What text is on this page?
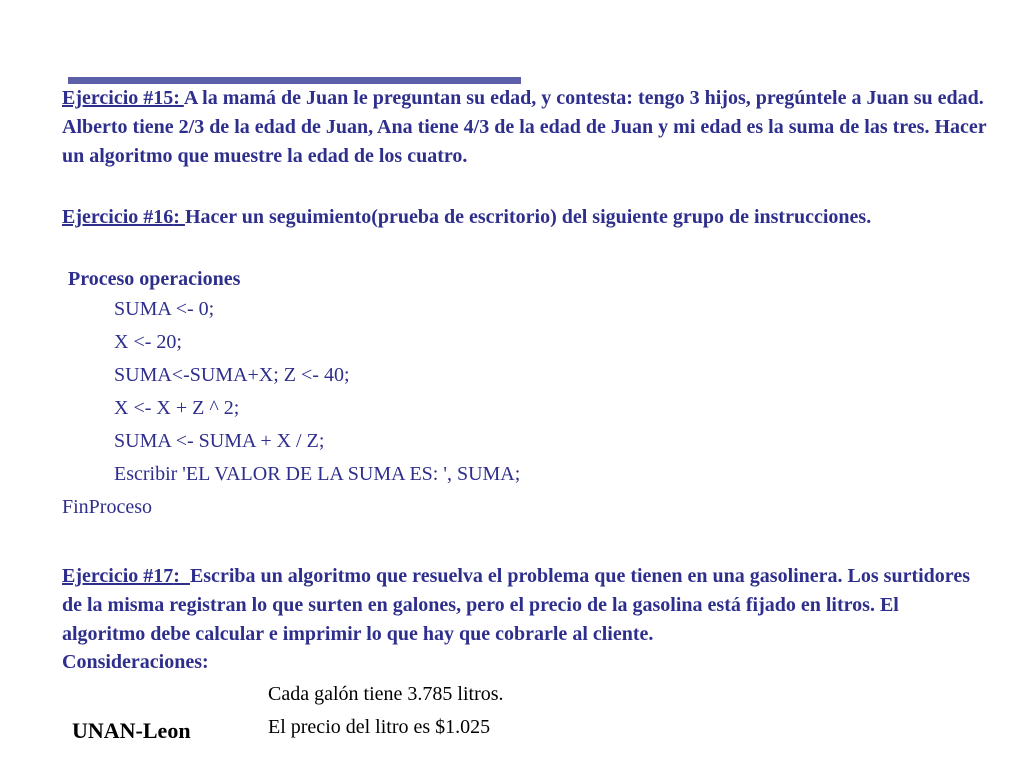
Ejercicio #15: A la mamá de Juan le preguntan su edad, y contesta: tengo 3 hijos, pregúntele a Juan su edad. Alberto tiene 2/3 de la edad de Juan, Ana tiene 4/3 de la edad de Juan y mi edad es la suma de las tres. Hacer un algoritmo que muestre la edad de los cuatro.
Ejercicio #16: Hacer un seguimiento(prueba de escritorio) del siguiente grupo de instrucciones.
Proceso operaciones
SUMA <- 0;
X <- 20;
SUMA<-SUMA+X; Z <- 40;
X <- X + Z ^ 2;
SUMA <- SUMA + X / Z;
Escribir 'EL VALOR DE LA SUMA ES: ', SUMA;
FinProceso
Ejercicio #17:  Escriba un algoritmo que resuelva el problema que tienen en una gasolinera. Los surtidores de la misma registran lo que surten en galones, pero el precio de la gasolina está fijado en litros. El algoritmo debe calcular e imprimir lo que hay que cobrarle al cliente.
Consideraciones:
Cada galón tiene 3.785 litros.
El precio del litro es $1.025
UNAN-Leon
